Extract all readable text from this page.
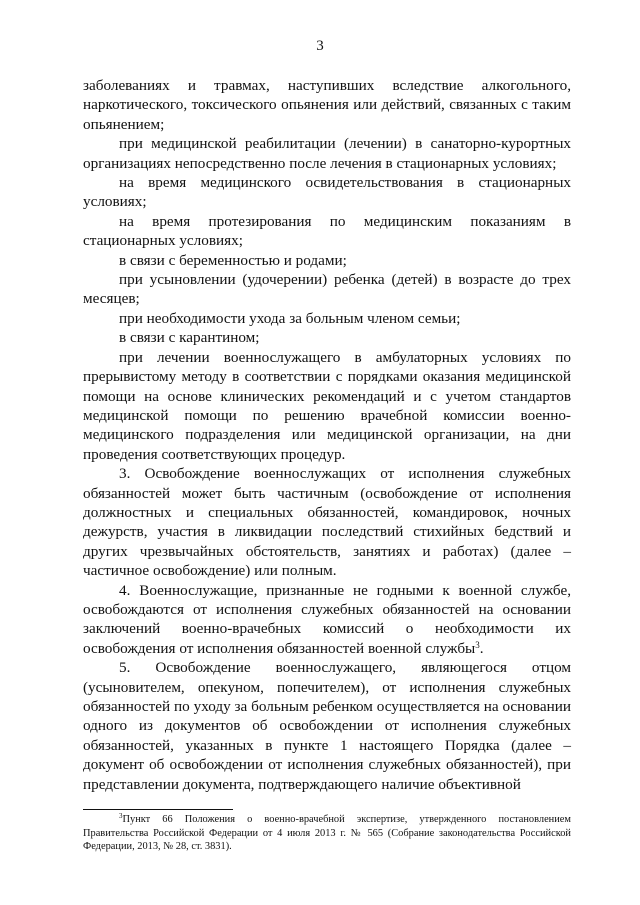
3

заболеваниях и травмах, наступивших вследствие алкогольного, наркотического, токсического опьянения или действий, связанных с таким опьянением;

при медицинской реабилитации (лечении) в санаторно-курортных организациях непосредственно после лечения в стационарных условиях;

на время медицинского освидетельствования в стационарных условиях;

на время протезирования по медицинским показаниям в стационарных условиях;

в связи с беременностью и родами;

при усыновлении (удочерении) ребенка (детей) в возрасте до трех месяцев;

при необходимости ухода за больным членом семьи;

в связи с карантином;

при лечении военнослужащего в амбулаторных условиях по прерывистому методу в соответствии с порядками оказания медицинской помощи на основе клинических рекомендаций и с учетом стандартов медицинской помощи по решению врачебной комиссии военно-медицинского подразделения или медицинской организации, на дни проведения соответствующих процедур.

3. Освобождение военнослужащих от исполнения служебных обязанностей может быть частичным (освобождение от исполнения должностных и специальных обязанностей, командировок, ночных дежурств, участия в ликвидации последствий стихийных бедствий и других чрезвычайных обстоятельств, занятиях и работах) (далее – частичное освобождение) или полным.

4. Военнослужащие, признанные не годными к военной службе, освобождаются от исполнения служебных обязанностей на основании заключений военно-врачебных комиссий о необходимости их освобождения от исполнения обязанностей военной службы$^3$.

5. Освобождение военнослужащего, являющегося отцом (усыновителем, опекуном, попечителем), от исполнения служебных обязанностей по уходу за больным ребенком осуществляется на основании одного из документов об освобождении от исполнения служебных обязанностей, указанных в пункте 1 настоящего Порядка (далее – документ об освобождении от исполнения служебных обязанностей), при представлении документа, подтверждающего наличие объективной

$^3$Пункт 66 Положения о военно-врачебной экспертизе, утвержденного постановлением Правительства Российской Федерации от 4 июля 2013 г. № 565 (Собрание законодательства Российской Федерации, 2013, № 28, ст. 3831).
